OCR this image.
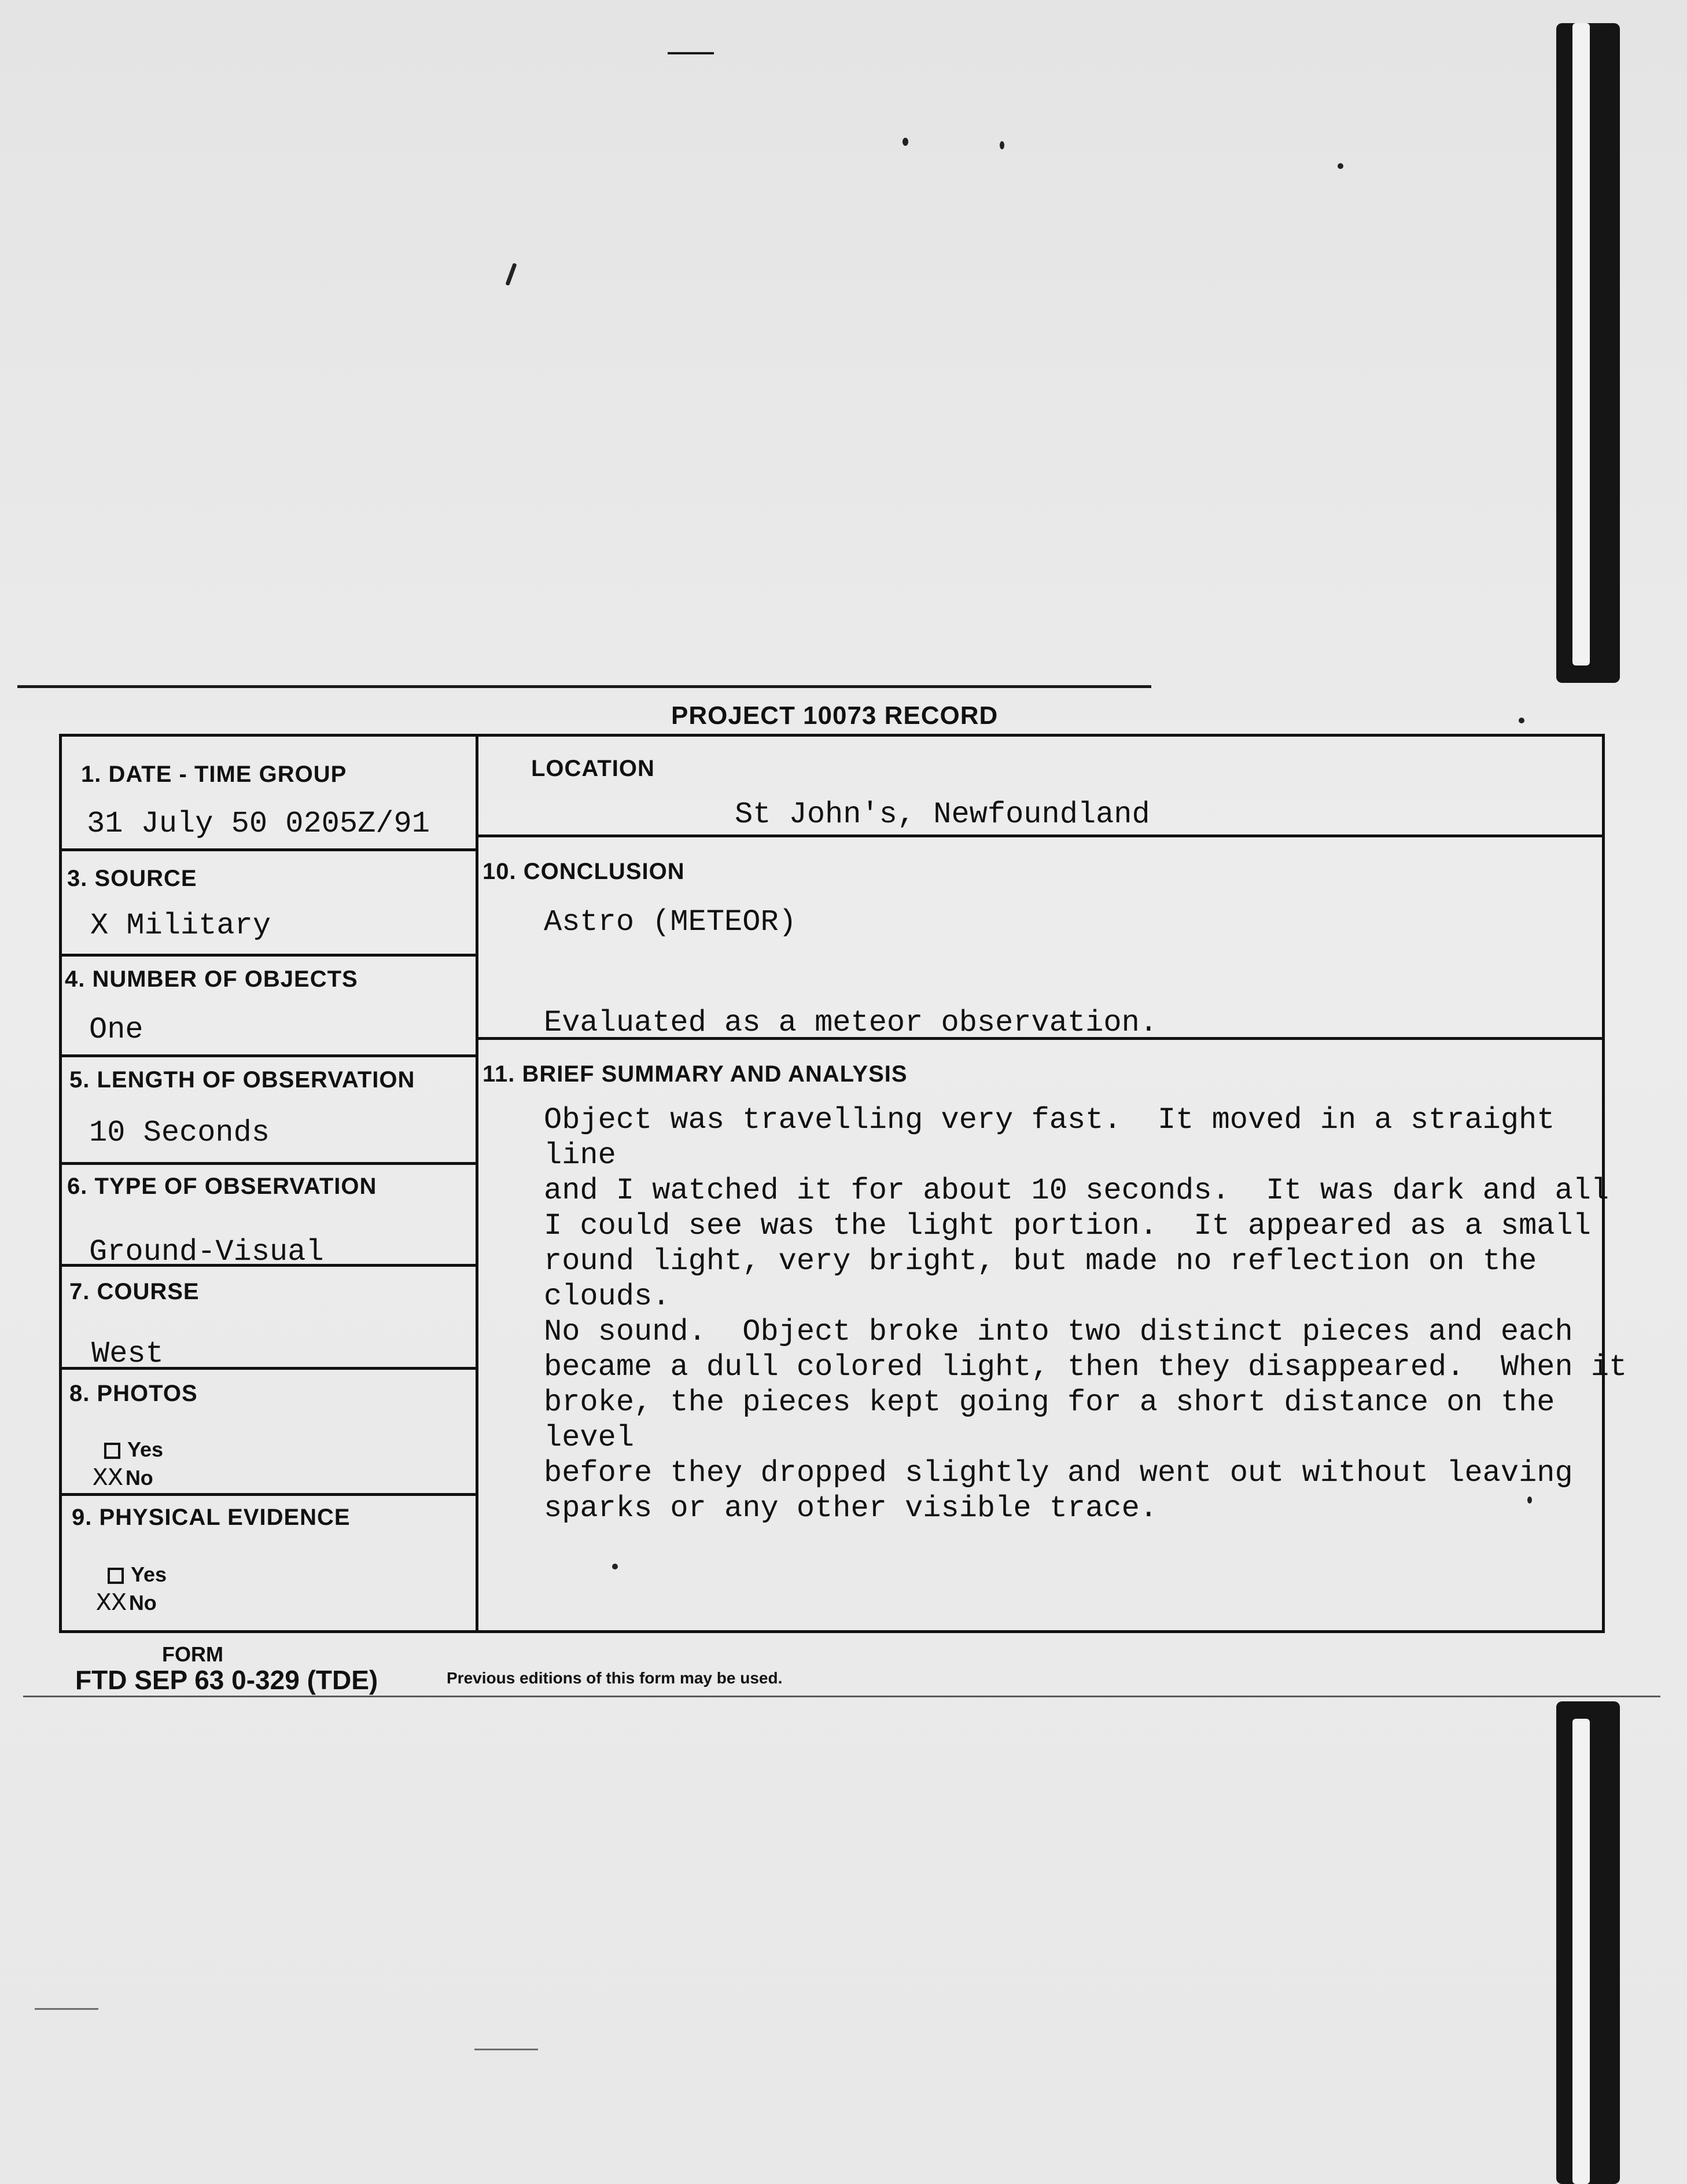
PROJECT 10073 RECORD
1. DATE - TIME GROUP
31 July 50 0205Z/91
LOCATION
St John's, Newfoundland
3. SOURCE
X Military
4. NUMBER OF OBJECTS
One
5. LENGTH OF OBSERVATION
10 Seconds
6. TYPE OF OBSERVATION
Ground-Visual
7. COURSE
West
8. PHOTOS
Yes
XX No
9. PHYSICAL EVIDENCE
Yes
XX No
10. CONCLUSION
Astro (METEOR)
Evaluated as a meteor observation.
11. BRIEF SUMMARY AND ANALYSIS
Object was travelling very fast.  It moved in a straight line
and I watched it for about 10 seconds.  It was dark and all
I could see was the light portion.  It appeared as a small
round light, very bright, but made no reflection on the clouds.
No sound.  Object broke into two distinct pieces and each
became a dull colored light, then they disappeared.  When it
broke, the pieces kept going for a short distance on the level
before they dropped slightly and went out without leaving
sparks or any other visible trace.
FORM
FTD SEP 63 0-329 (TDE)	Previous editions of this form may be used.
